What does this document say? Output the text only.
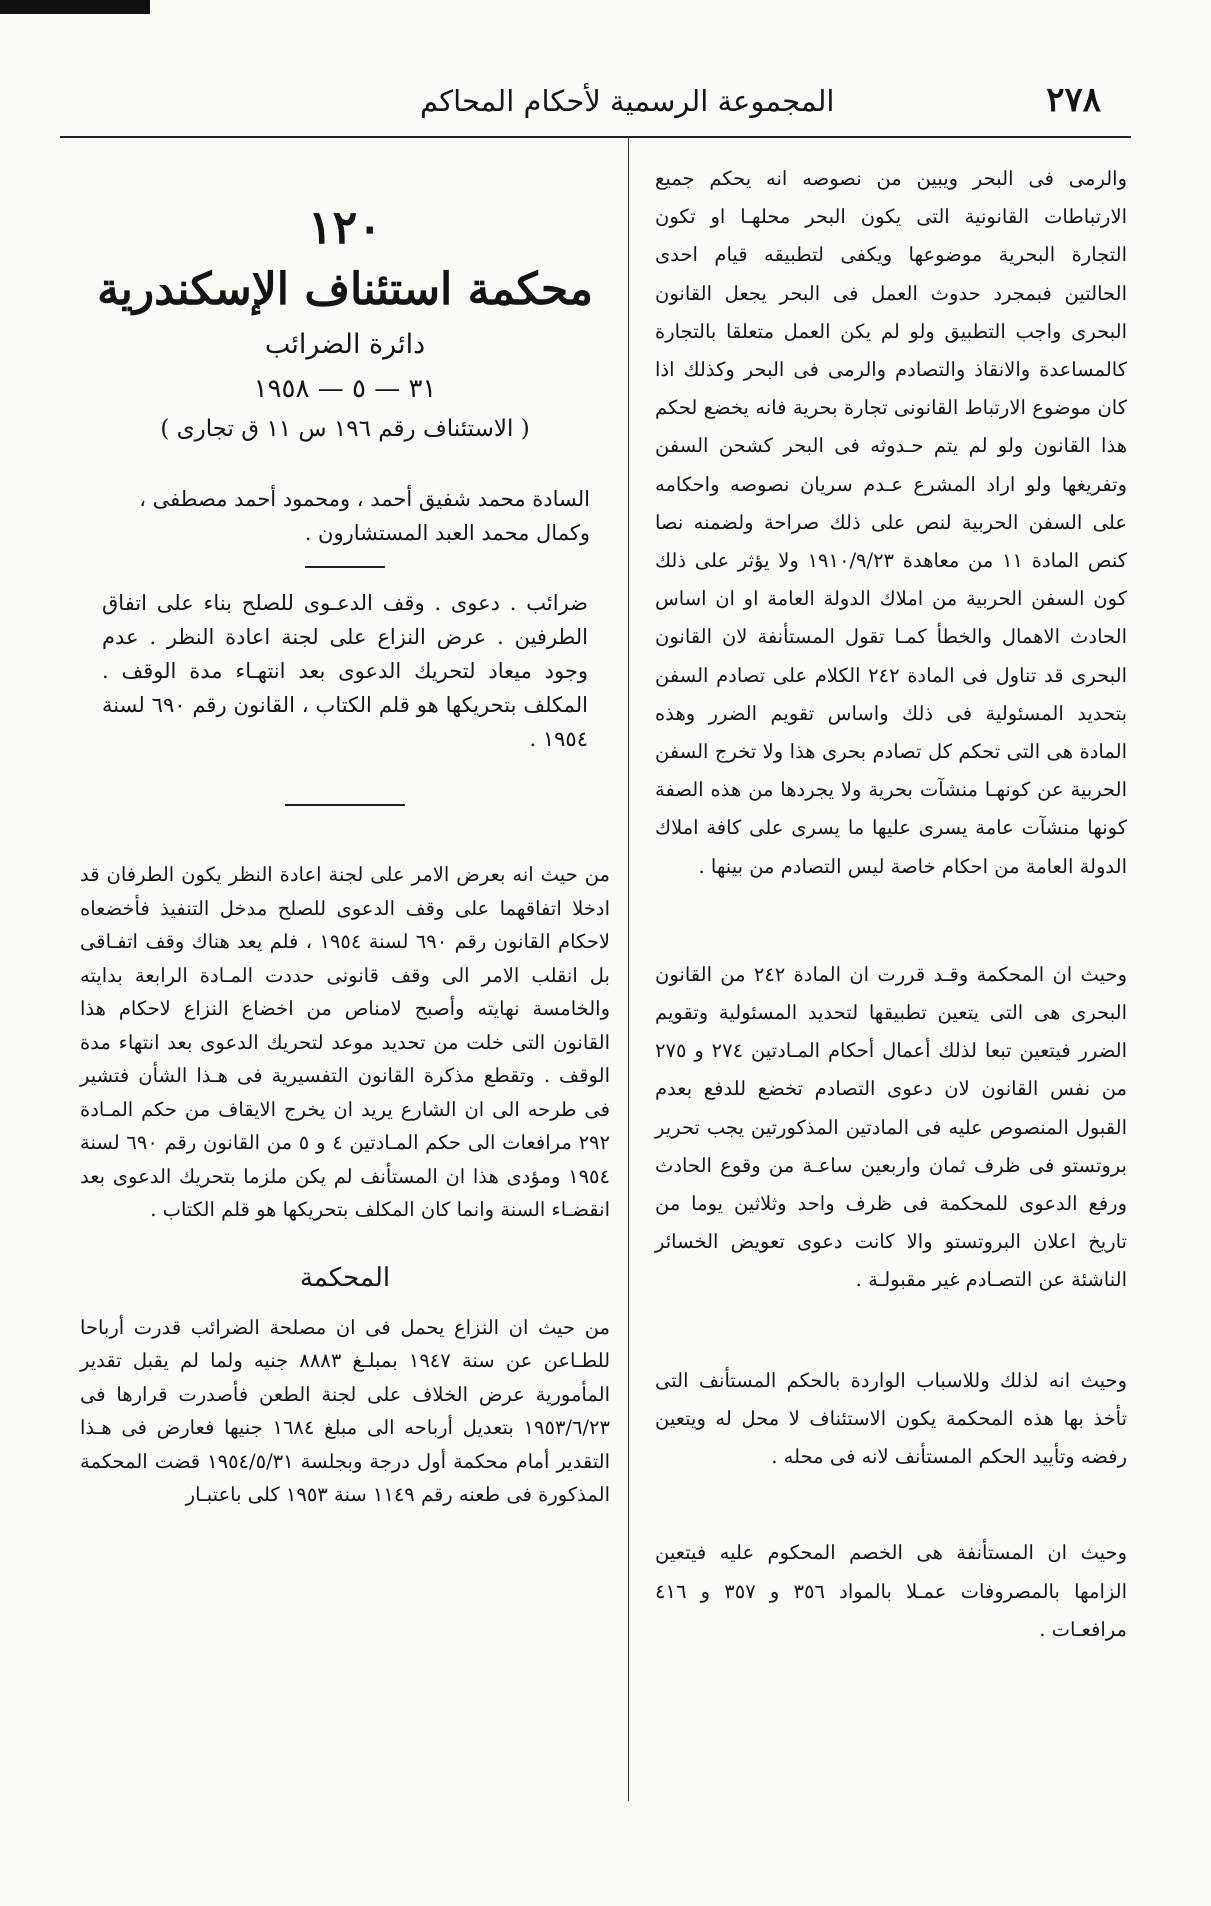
٢٧٨
المجموعة الرسمية لأحكام المحاكم

والرمى فى البحر ويبين من نصوصه انه يحكم جميع الارتباطات القانونية التى يكون البحر محلهـا او تكون التجارة البحرية موضوعها ويكفى لتطبيقه قيام احدى الحالتين فبمجرد حدوث العمل فى البحر يجعل القانون البحرى واجب التطبيق ولو لم يكن العمل متعلقا بالتجارة كالمساعدة والانقاذ والتصادم والرمى فى البحر وكذلك اذا كان موضوع الارتباط القانونى تجارة بحرية فانه يخضع لحكم هذا القانون ولو لم يتم حـدوثه فى البحر كشحن السفن وتفريغها ولو اراد المشرع عـدم سريان نصوصه واحكامه على السفن الحربية لنص على ذلك صراحة ولضمنه نصا كنص المادة ١١ من معاهدة ١٩١٠/٩/٢٣ ولا يؤثر على ذلك كون السفن الحربية من املاك الدولة العامة او ان اساس الحادث الاهمال والخطأ كمـا تقول المستأنفة لان القانون البحرى قد تناول فى المادة ٢٤٢ الكلام على تصادم السفن بتحديد المسئولية فى ذلك واساس تقويم الضرر وهذه المادة هى التى تحكم كل تصادم بحرى هذا ولا تخرج السفن الحربية عن كونهـا منشآت بحرية ولا يجردها من هذه الصفة كونها منشآت عامة يسرى عليها ما يسرى على كافة املاك الدولة العامة من احكام خاصة ليس التصادم من بينها .

وحيث ان المحكمة وقـد قررت ان المادة ٢٤٢ من القانون البحرى هى التى يتعين تطبيقها لتحديد المسئولية وتقويم الضرر فيتعين تبعا لذلك أعمال أحكام المـادتين ٢٧٤ و ٢٧٥ من نفس القانون لان دعوى التصادم تخضع للدفع بعدم القبول المنصوص عليه فى المادتين المذكورتين يجب تحرير بروتستو فى ظرف ثمان واربعين ساعـة من وقوع الحادث ورفع الدعوى للمحكمة فى ظرف واحد وثلاثين يوما من تاريخ اعلان البروتستو والا كانت دعوى تعويض الخسائر الناشئة عن التصـادم غير مقبولـة .

وحيث انه لذلك وللاسباب الواردة بالحكم المستأنف التى تأخذ بها هذه المحكمة يكون الاستئناف لا محل له ويتعين رفضه وتأييد الحكم المستأنف لانه فى محله .

وحيث ان المستأنفة هى الخصم المحكوم عليه فيتعين الزامها بالمصروفات عمـلا بالمواد ٣٥٦ و ٣٥٧ و ٤١٦ مرافعـات .

١٢٠
محكمة استئناف الإسكندرية
دائرة الضرائب
٣١ — ٥ — ١٩٥٨
( الاستئناف رقم ١٩٦ س ١١ ق تجارى )
السادة محمد شفيق أحمد ، ومحمود أحمد مصطفى ، وكمال محمد العبد المستشارون .
ضرائب . دعوى . وقف الدعـوى للصلح بناء على اتفاق الطرفين . عرض النزاع على لجنة اعادة النظر . عدم وجود ميعاد لتحريك الدعوى بعد انتهـاء مدة الوقف . المكلف بتحريكها هو قلم الكتاب ، القانون رقم ٦٩٠ لسنة ١٩٥٤ .

من حيث انه بعرض الامر على لجنة اعادة النظر يكون الطرفان قد ادخلا اتفاقهما على وقف الدعوى للصلح مدخل التنفيذ فأخضعاه لاحكام القانون رقم ٦٩٠ لسنة ١٩٥٤ ، فلم يعد هناك وقف اتفـاقى بل انقلب الامر الى وقف قانونى حددت المـادة الرابعة بدايته والخامسة نهايته وأصبح لامناص من اخضاع النزاع لاحكام هذا القانون التى خلت من تحديد موعد لتحريك الدعوى بعد انتهاء مدة الوقف . وتقطع مذكرة القانون التفسيرية فى هـذا الشأن فتشير فى طرحه الى ان الشارع يريد ان يخرج الايقاف من حكم المـادة ٢٩٢ مرافعات الى حكم المـادتين ٤ و ٥ من القانون رقم ٦٩٠ لسنة ١٩٥٤ ومؤدى هذا ان المستأنف لم يكن ملزما بتحريك الدعوى بعد انقضـاء السنة وانما كان المكلف بتحريكها هو قلم الكتاب .

المحكمة

من حيث ان النزاع يحمل فى ان مصلحة الضرائب قدرت أرباحا للطـاعن عن سنة ١٩٤٧ بمبلـغ ٨٨٨٣ جنيه ولما لم يقبل تقدير المأمورية عرض الخلاف على لجنة الطعن فأصدرت قرارها فى ١٩٥٣/٦/٢٣ بتعديل أرباحه الى مبلغ ١٦٨٤ جنيها فعارض فى هـذا التقدير أمام محكمة أول درجة وبجلسة ١٩٥٤/٥/٣١ قضت المحكمة المذكورة فى طعنه رقم ١١٤٩ سنة ١٩٥٣ كلى باعتبـار
